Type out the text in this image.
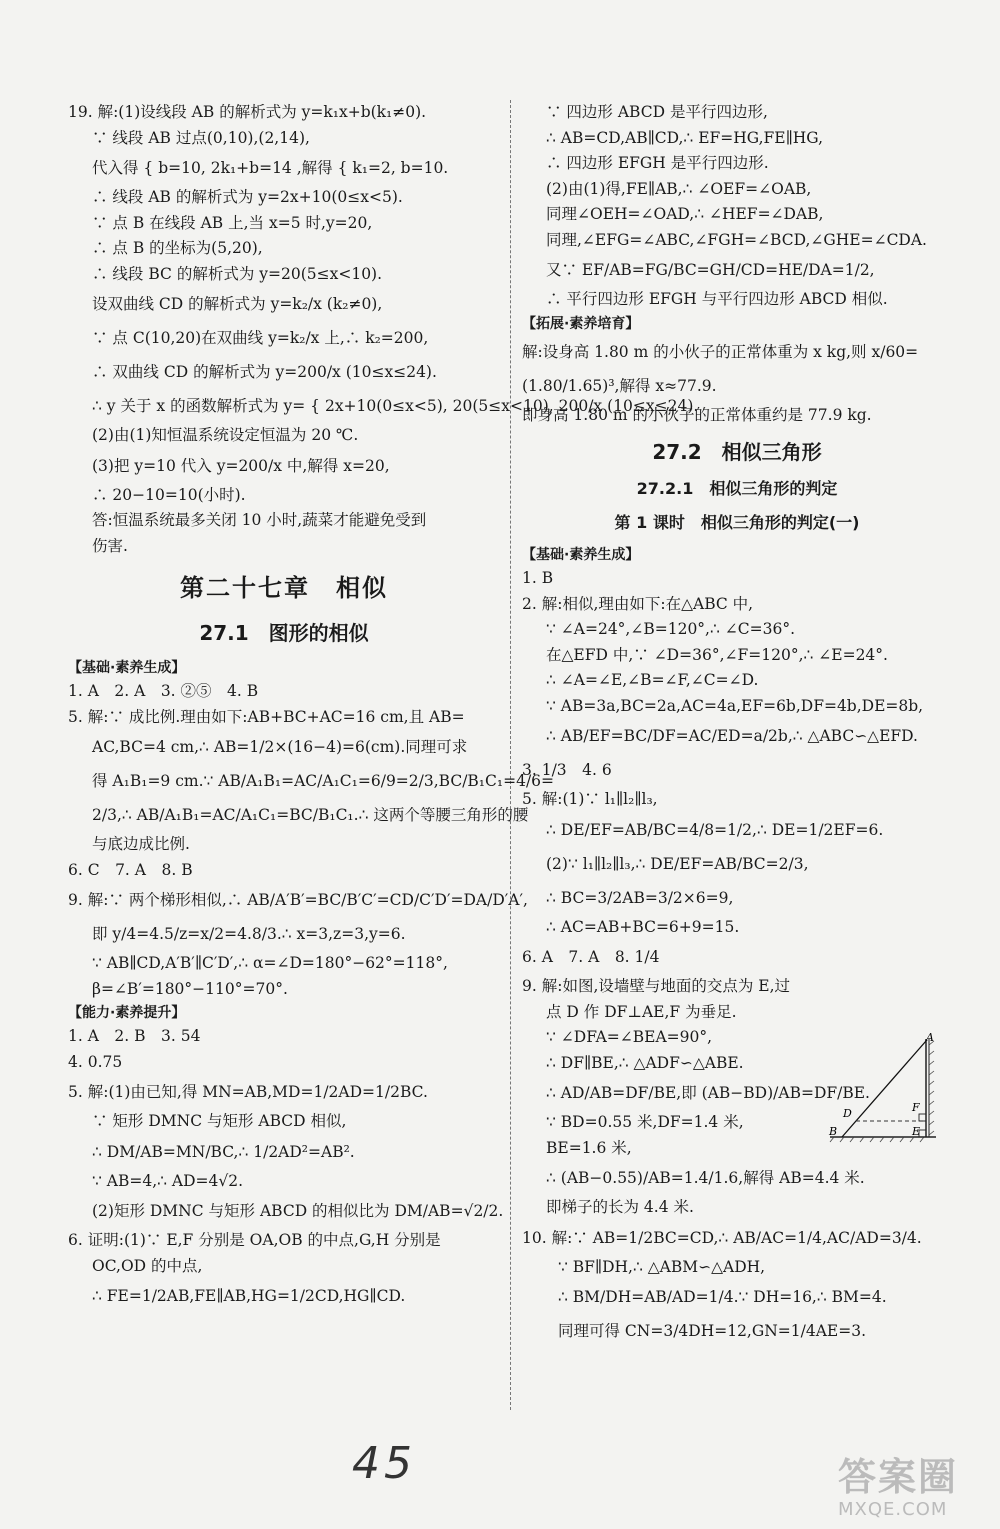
19. 解:(1)设线段 AB 的解析式为 y=k₁x+b(k₁≠0).
∵ 线段 AB 过点(0,10),(2,14),
代入得 { b=10, 2k₁+b=14 ,解得 { k₁=2, b=10.
∴ 线段 AB 的解析式为 y=2x+10(0≤x<5).
∵ 点 B 在线段 AB 上,当 x=5 时,y=20,
∴ 点 B 的坐标为(5,20),
∴ 线段 BC 的解析式为 y=20(5≤x<10).
设双曲线 CD 的解析式为 y=k₂/x (k₂≠0),
∵ 点 C(10,20)在双曲线 y=k₂/x 上,∴ k₂=200,
∴ 双曲线 CD 的解析式为 y=200/x (10≤x≤24).
∴ y 关于 x 的函数解析式为 y= { 2x+10(0≤x<5), 20(5≤x<10), 200/x (10≤x≤24).
(2)由(1)知恒温系统设定恒温为 20 ℃.
(3)把 y=10 代入 y=200/x 中,解得 x=20,
∴ 20−10=10(小时).
答:恒温系统最多关闭 10 小时,蔬菜才能避免受到
伤害.
第二十七章　相似
27.1　图形的相似
【基础·素养生成】
1. A　2. A　3. ②⑤　4. B
5. 解:∵ 成比例.理由如下:AB+BC+AC=16 cm,且 AB=
AC,BC=4 cm,∴ AB=1/2×(16−4)=6(cm).同理可求
得 A₁B₁=9 cm.∵ AB/A₁B₁=AC/A₁C₁=6/9=2/3,BC/B₁C₁=4/6=
2/3,∴ AB/A₁B₁=AC/A₁C₁=BC/B₁C₁.∴ 这两个等腰三角形的腰
与底边成比例.
6. C　7. A　8. B
9. 解:∵ 两个梯形相似,∴ AB/A′B′=BC/B′C′=CD/C′D′=DA/D′A′,
即 y/4=4.5/z=x/2=4.8/3.∴ x=3,z=3,y=6.
∵ AB∥CD,A′B′∥C′D′,∴ α=∠D=180°−62°=118°,
β=∠B′=180°−110°=70°.
【能力·素养提升】
1. A　2. B　3. 54
4. 0.75
5. 解:(1)由已知,得 MN=AB,MD=1/2AD=1/2BC.
∵ 矩形 DMNC 与矩形 ABCD 相似,
∴ DM/AB=MN/BC,∴ 1/2AD²=AB².
∵ AB=4,∴ AD=4√2.
(2)矩形 DMNC 与矩形 ABCD 的相似比为 DM/AB=√2/2.
6. 证明:(1)∵ E,F 分别是 OA,OB 的中点,G,H 分别是
OC,OD 的中点,
∴ FE=1/2AB,FE∥AB,HG=1/2CD,HG∥CD.
∵ 四边形 ABCD 是平行四边形,
∴ AB=CD,AB∥CD,∴ EF=HG,FE∥HG,
∴ 四边形 EFGH 是平行四边形.
(2)由(1)得,FE∥AB,∴ ∠OEF=∠OAB,
同理∠OEH=∠OAD,∴ ∠HEF=∠DAB,
同理,∠EFG=∠ABC,∠FGH=∠BCD,∠GHE=∠CDA.
又∵ EF/AB=FG/BC=GH/CD=HE/DA=1/2,
∴ 平行四边形 EFGH 与平行四边形 ABCD 相似.
【拓展·素养培育】
解:设身高 1.80 m 的小伙子的正常体重为 x kg,则 x/60=
(1.80/1.65)³,解得 x≈77.9.
即身高 1.80 m 的小伙子的正常体重约是 77.9 kg.
27.2　相似三角形
27.2.1　相似三角形的判定
第 1 课时　相似三角形的判定(一)
【基础·素养生成】
1. B
2. 解:相似,理由如下:在△ABC 中,
∵ ∠A=24°,∠B=120°,∴ ∠C=36°.
在△EFD 中,∵ ∠D=36°,∠F=120°,∴ ∠E=24°.
∴ ∠A=∠E,∠B=∠F,∠C=∠D.
∵ AB=3a,BC=2a,AC=4a,EF=6b,DF=4b,DE=8b,
∴ AB/EF=BC/DF=AC/ED=a/2b,∴ △ABC∽△EFD.
3. 1/3　4. 6
5. 解:(1)∵ l₁∥l₂∥l₃,
∴ DE/EF=AB/BC=4/8=1/2,∴ DE=1/2EF=6.
(2)∵ l₁∥l₂∥l₃,∴ DE/EF=AB/BC=2/3,
∴ BC=3/2AB=3/2×6=9,
∴ AC=AB+BC=6+9=15.
6. A　7. A　8. 1/4
9. 解:如图,设墙壁与地面的交点为 E,过
点 D 作 DF⊥AE,F 为垂足.
∵ ∠DFA=∠BEA=90°,
∴ DF∥BE,∴ △ADF∽△ABE.
∴ AD/AB=DF/BE,即 (AB−BD)/AB=DF/BE.
∵ BD=0.55 米,DF=1.4 米,
BE=1.6 米,
∴ (AB−0.55)/AB=1.4/1.6,解得 AB=4.4 米.
即梯子的长为 4.4 米.
10. 解:∵ AB=1/2BC=CD,∴ AB/AC=1/4,AC/AD=3/4.
∵ BF∥DH,∴ △ABM∽△ADH,
∴ BM/DH=AB/AD=1/4.∵ DH=16,∴ BM=4.
同理可得 CN=3/4DH=12,GN=1/4AE=3.
A
B
D
E
F
45	答案圈
MXQE.COM
